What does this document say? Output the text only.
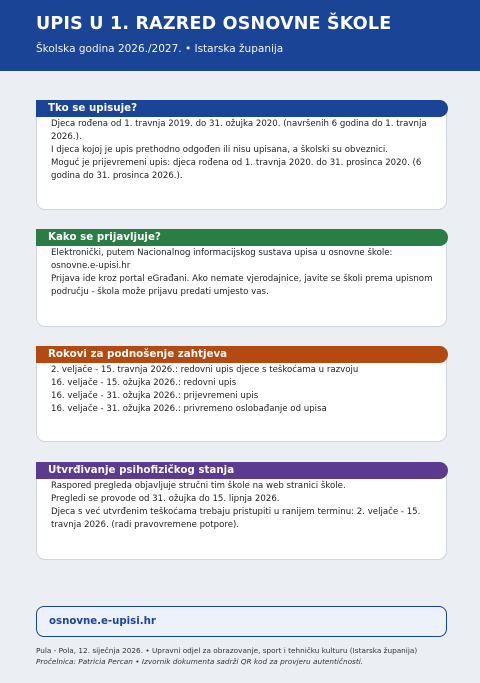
UPIS U 1. RAZRED OSNOVNE ŠKOLE
Školska godina 2026./2027. • Istarska županija
Tko se upisuje?

Djeca rođena od 1. travnja 2019. do 31. ožujka 2020. (navršenih 6 godina do 1. travnja 2026.).

I djeca kojoj je upis prethodno odgođen ili nisu upisana, a školski su obveznici.

Moguć je prijevremeni upis: djeca rođena od 1. travnja 2020. do 31. prosinca 2020. (6 godina do 31. prosinca 2026.).

Kako se prijavljuje?

Elektronički, putem Nacionalnog informacijskog sustava upisa u osnovne škole: osnovne.e-upisi.hr

Prijava ide kroz portal eGrađani. Ako nemate vjerodajnice, javite se školi prema upisnom području - škola može prijavu predati umjesto vas.

Rokovi za podnošenje zahtjeva

2. veljače - 15. travnja 2026.: redovni upis djece s teškoćama u razvoju

16. veljače - 15. ožujka 2026.: redovni upis

16. veljače - 31. ožujka 2026.: prijevremeni upis

16. veljače - 31. ožujka 2026.: privremeno oslobađanje od upisa

Utvrđivanje psihofizičkog stanja

Raspored pregleda objavljuje stručni tim škole na web stranici škole.

Pregledi se provode od 31. ožujka do 15. lipnja 2026.

Djeca s već utvrđenim teškoćama trebaju pristupiti u ranijem terminu: 2. veljače - 15. travnja 2026. (radi pravovremene potpore).

osnovne.e-upisi.hr
Pula - Pola, 12. siječnja 2026. • Upravni odjel za obrazovanje, sport i tehničku kulturu (Istarska županija)
Pročelnica: Patricia Percan • Izvornik dokumenta sadrži QR kod za provjeru autentičnosti.
